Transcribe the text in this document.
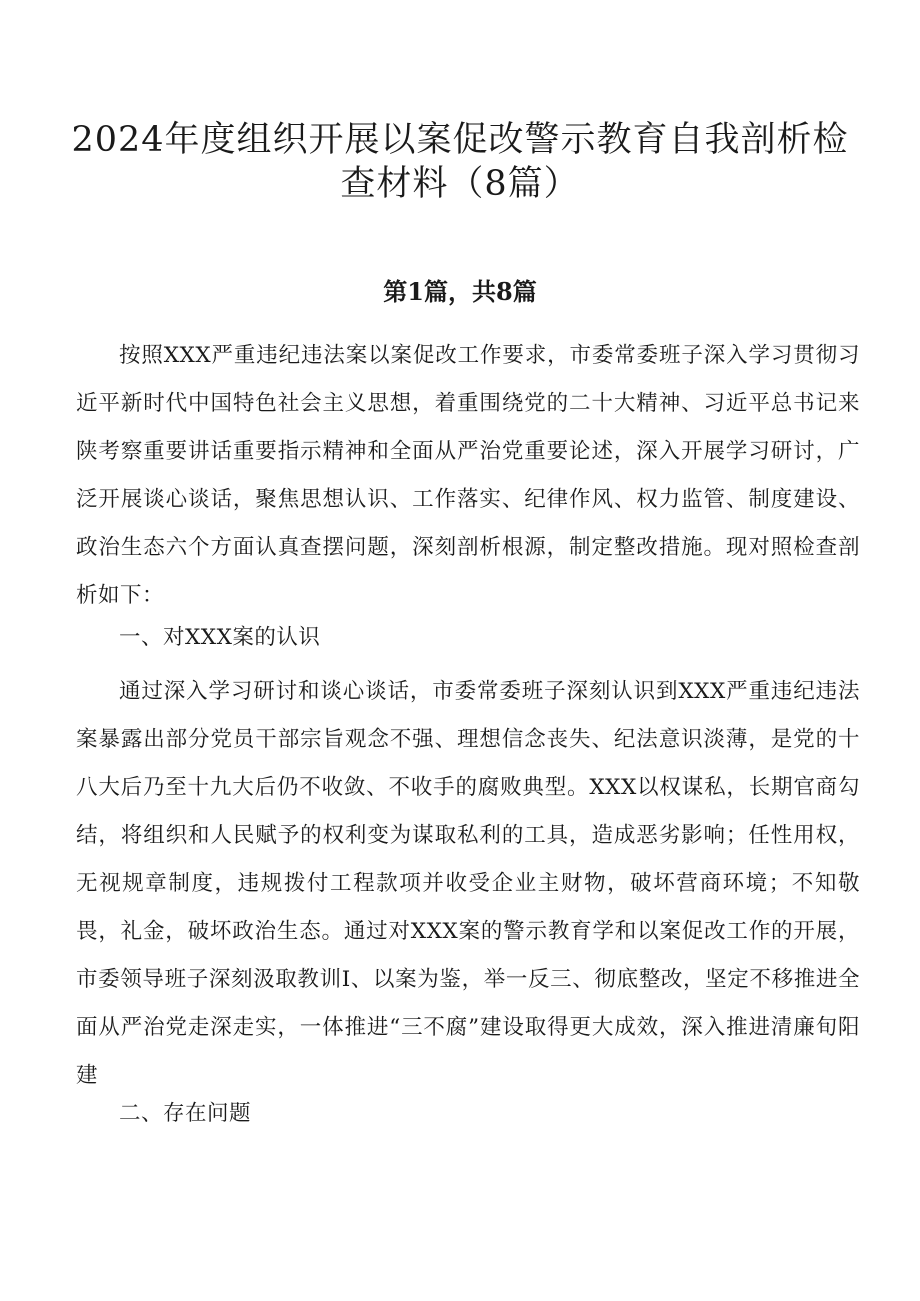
2024年度组织开展以案促改警示教育自我剖析检查材料（8篇）
第1篇，共8篇

按照XXX严重违纪违法案以案促改工作要求，市委常委班子深入学习贯彻习近平新时代中国特色社会主义思想，着重围绕党的二十大精神、习近平总书记来陕考察重要讲话重要指示精神和全面从严治党重要论述，深入开展学习研讨，广泛开展谈心谈话，聚焦思想认识、工作落实、纪律作风、权力监管、制度建设、政治生态六个方面认真查摆问题，深刻剖析根源，制定整改措施。现对照检查剖析如下：

一、对XXX案的认识

通过深入学习研讨和谈心谈话，市委常委班子深刻认识到XXX严重违纪违法案暴露出部分党员干部宗旨观念不强、理想信念丧失、纪法意识淡薄，是党的十八大后乃至十九大后仍不收敛、不收手的腐败典型。XXX以权谋私，长期官商勾结，将组织和人民赋予的权利变为谋取私利的工具，造成恶劣影响；任性用权，无视规章制度，违规拨付工程款项并收受企业主财物，破坏营商环境；不知敬畏，礼金，破坏政治生态。通过对XXX案的警示教育学和以案促改工作的开展，市委领导班子深刻汲取教训I、以案为鉴，举一反三、彻底整改，坚定不移推进全面从严治党走深走实，一体推进“三不腐”建设取得更大成效，深入推进清廉旬阳建

二、存在问题
